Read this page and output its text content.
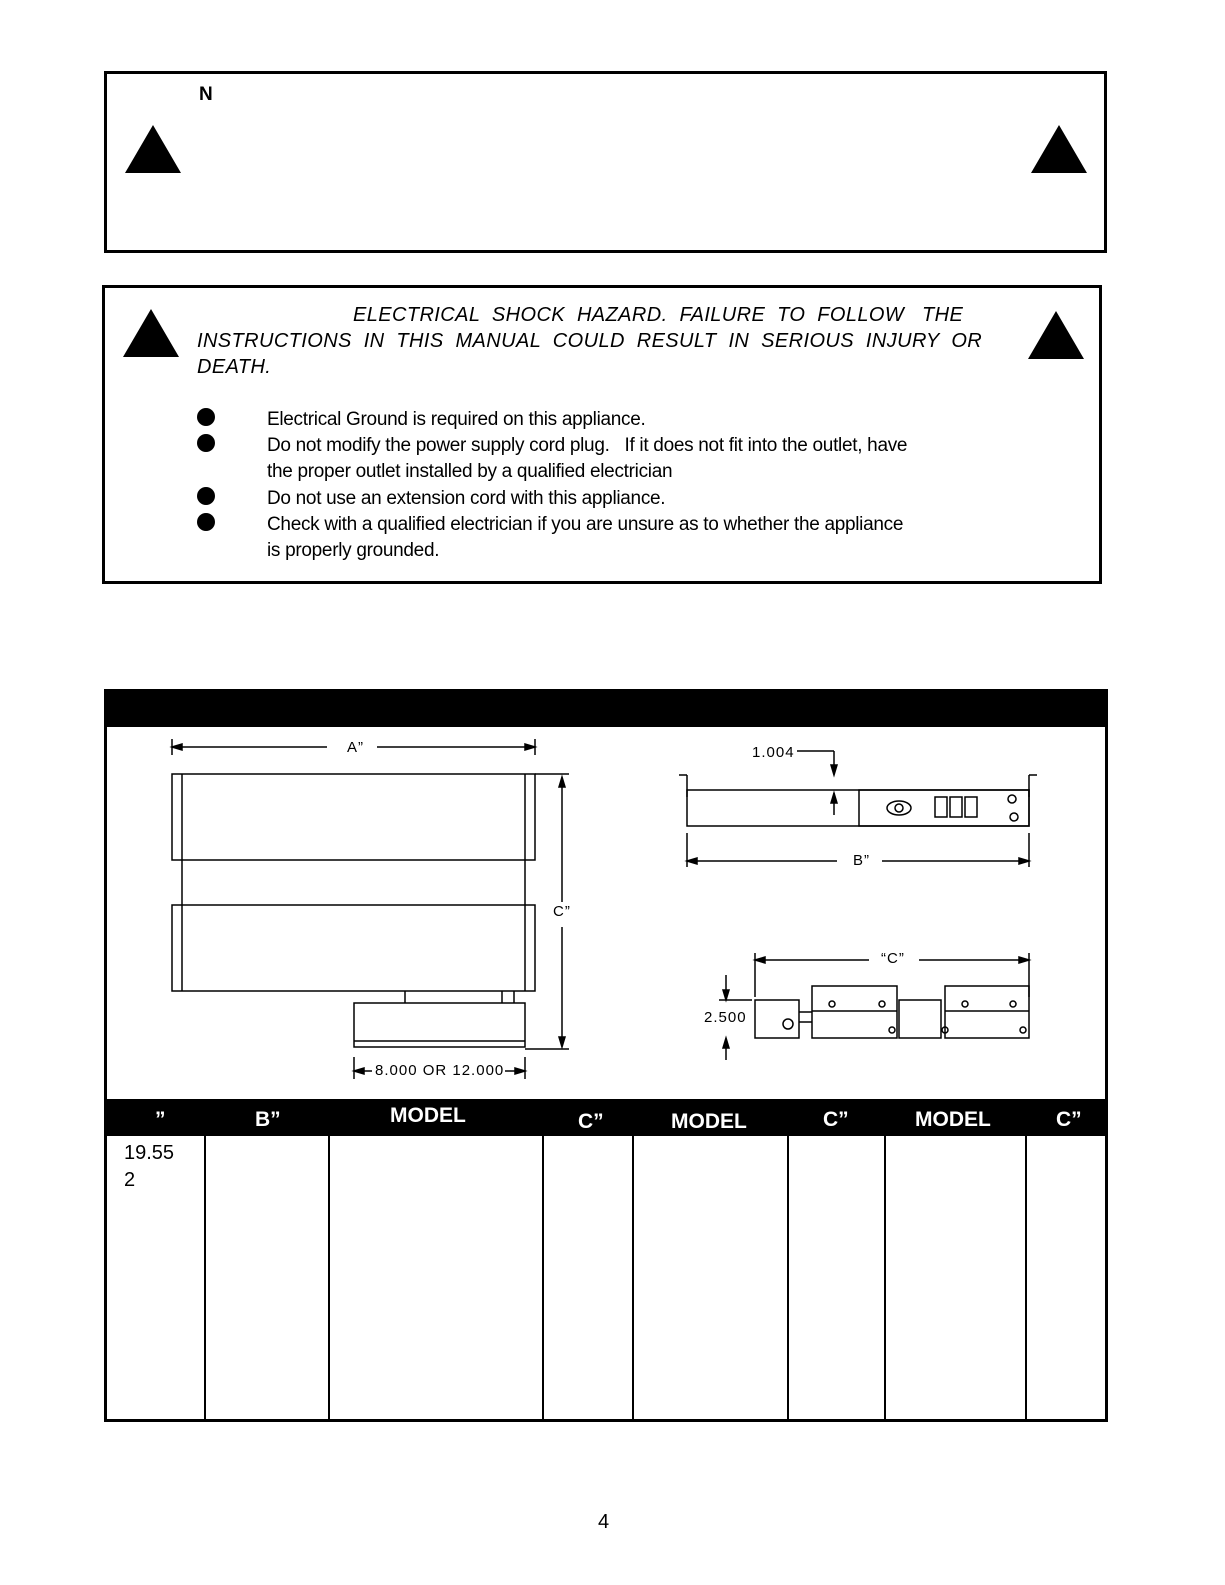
N
ELECTRICAL  SHOCK  HAZARD.  FAILURE  TO  FOLLOW   THE
INSTRUCTIONS  IN  THIS  MANUAL  COULD  RESULT  IN  SERIOUS  INJURY  OR
DEATH.
Electrical Ground is required on this appliance.
Do not modify the power supply cord plug.   If it does not fit into the outlet, have
the proper outlet installed by a qualified electrician
Do not use an extension cord with this appliance.
Check with a qualified electrician if you are unsure as to whether the appliance
is properly grounded.
A”
C”
8.000 OR 12.000
1.004
B”
“C”
2.500
”	B”	MODEL	C”	MODEL	C”	MODEL	C”
19.55
2
4
